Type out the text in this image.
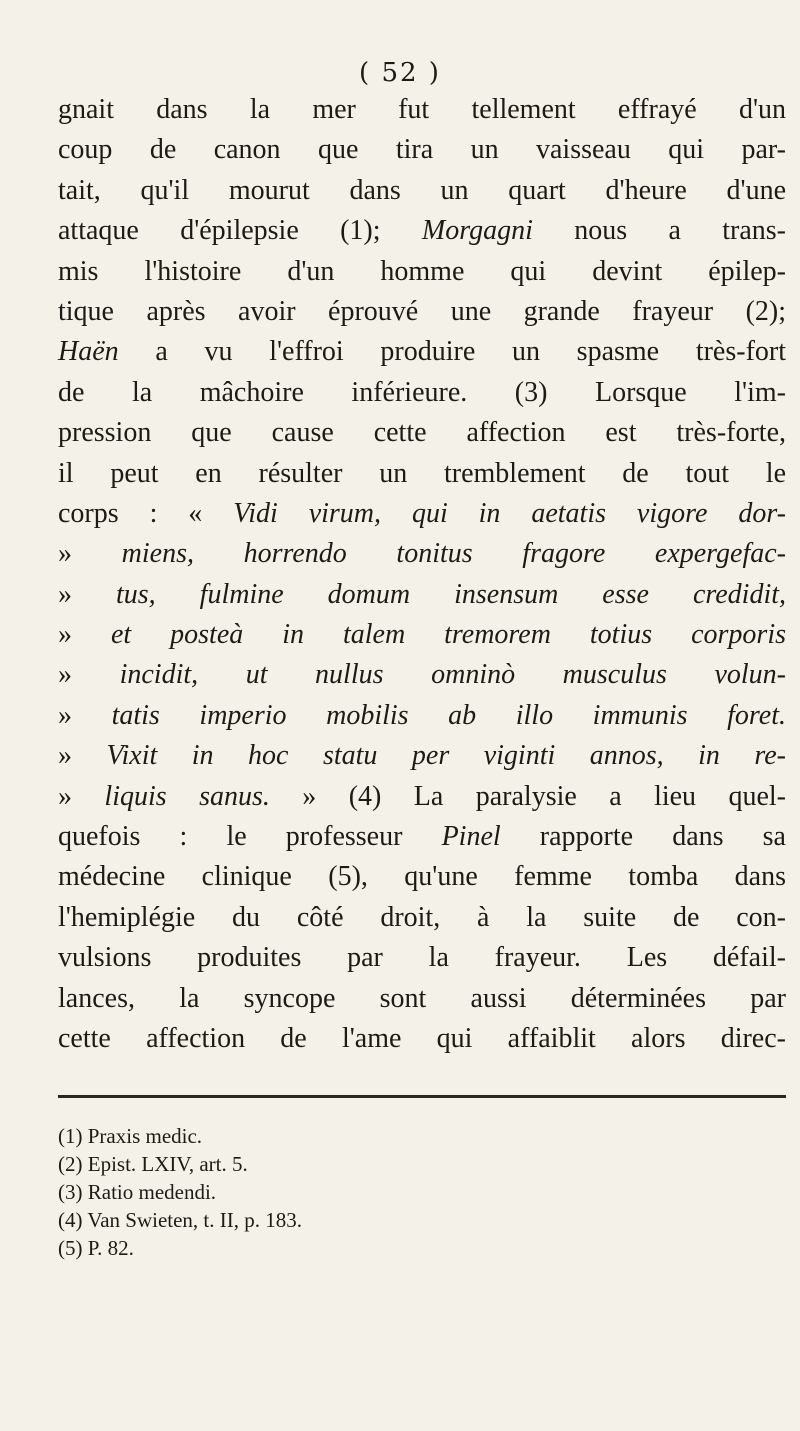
( 52 )
gnait dans la mer fut tellement effrayé d'un
coup de canon que tira un vaisseau qui par-
tait, qu'il mourut dans un quart d'heure d'une
attaque d'épilepsie (1); Morgagni nous a trans-
mis l'histoire d'un homme qui devint épilep-
tique après avoir éprouvé une grande frayeur (2);
Haën a vu l'effroi produire un spasme très-fort
de la mâchoire inférieure. (3) Lorsque l'im-
pression que cause cette affection est très-forte,
il peut en résulter un tremblement de tout le
corps : « Vidi virum, qui in aetatis vigore dor-
» miens, horrendo tonitus fragore expergefac-
» tus, fulmine domum insensum esse credidit,
» et posteà in talem tremorem totius corporis
» incidit, ut nullus omninò musculus volun-
» tatis imperio mobilis ab illo immunis foret.
» Vixit in hoc statu per viginti annos, in re-
» liquis sanus. » (4) La paralysie a lieu quel-
quefois : le professeur Pinel rapporte dans sa
médecine clinique (5), qu'une femme tomba dans
l'hemiplégie du côté droit, à la suite de con-
vulsions produites par la frayeur. Les défail-
lances, la syncope sont aussi déterminées par
cette affection de l'ame qui affaiblit alors direc-
(1) Praxis medic.
(2) Epist. LXIV, art. 5.
(3) Ratio medendi.
(4) Van Swieten, t. II, p. 183.
(5) P. 82.
